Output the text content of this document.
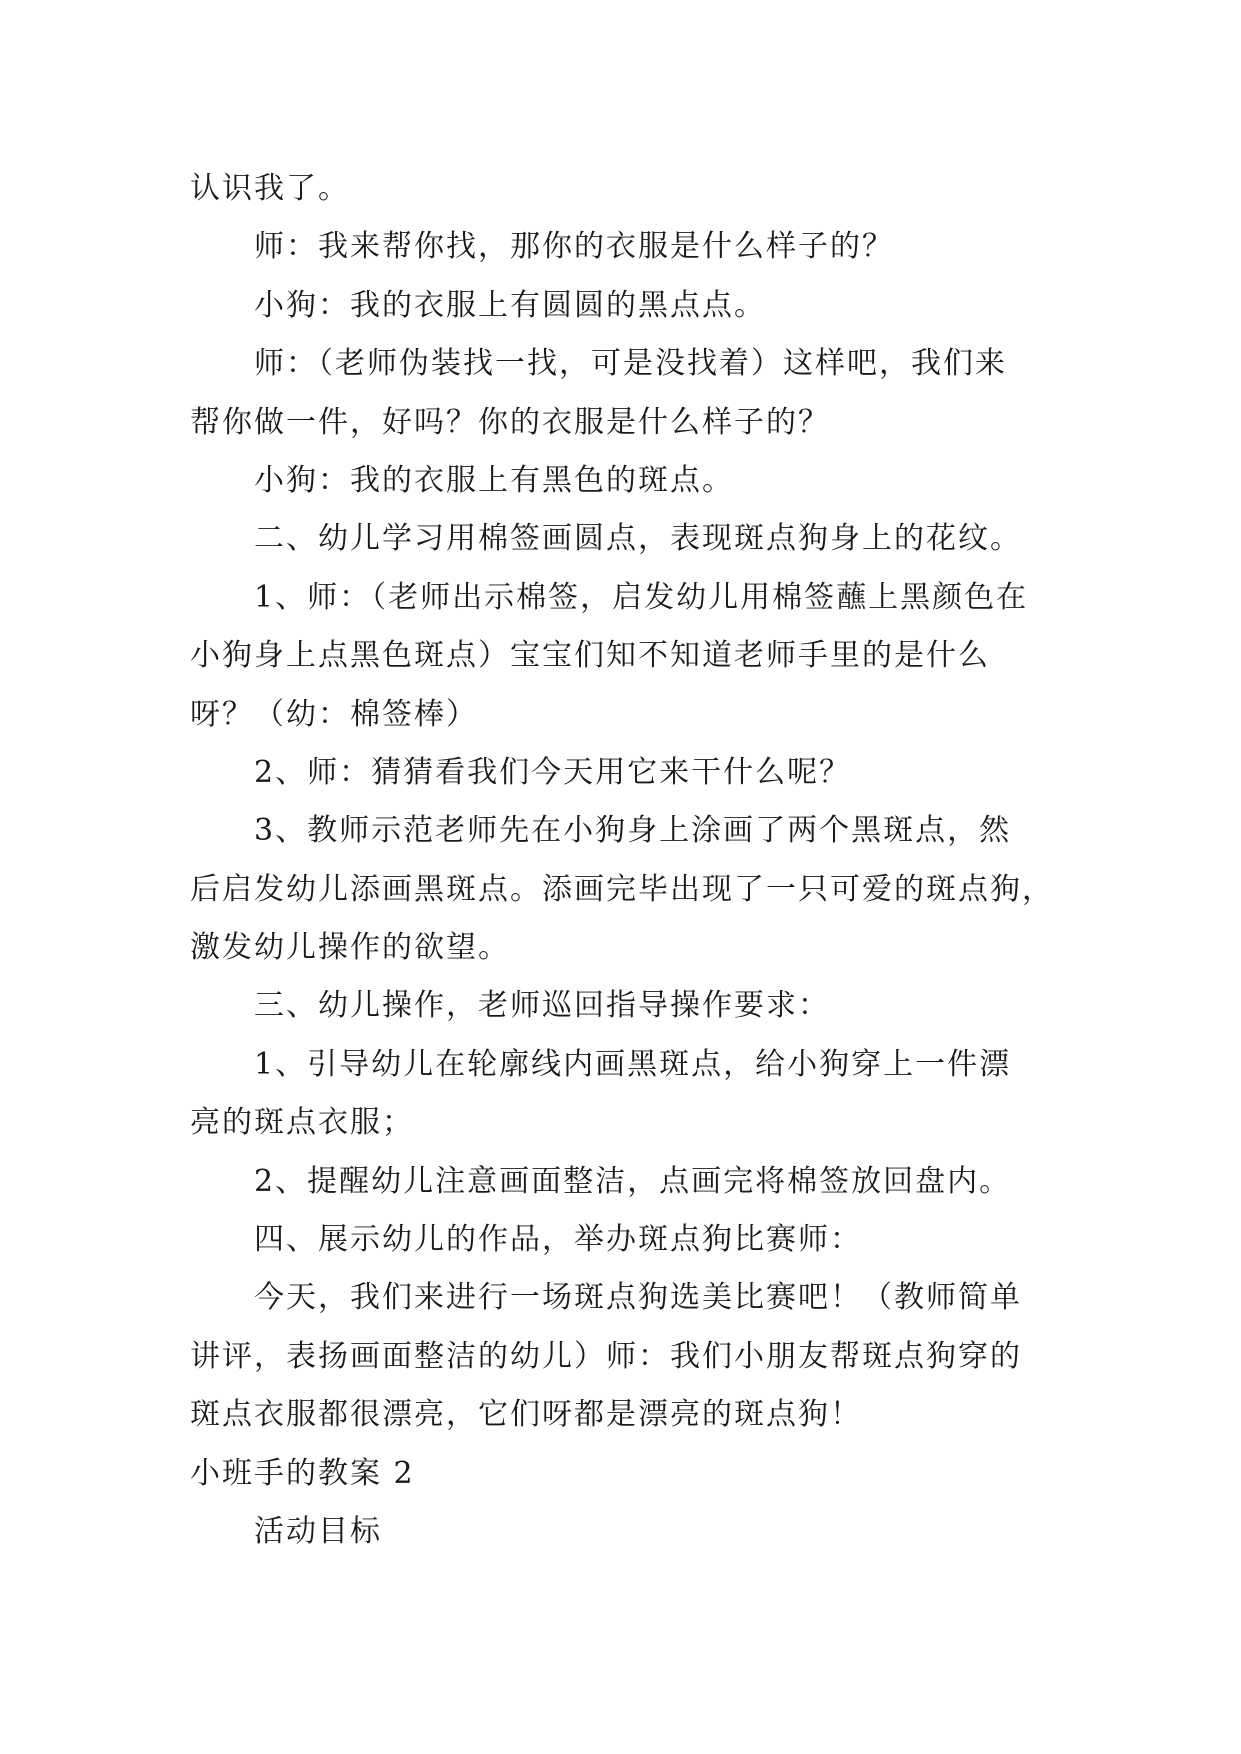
认识我了。
师：我来帮你找，那你的衣服是什么样子的？
小狗：我的衣服上有圆圆的黑点点。
师：（老师伪装找一找，可是没找着）这样吧，我们来
帮你做一件，好吗？你的衣服是什么样子的？
小狗：我的衣服上有黑色的斑点。
二、幼儿学习用棉签画圆点，表现斑点狗身上的花纹。
1、师：（老师出示棉签，启发幼儿用棉签蘸上黑颜色在
小狗身上点黑色斑点）宝宝们知不知道老师手里的是什么
呀？（幼：棉签棒）
2、师：猜猜看我们今天用它来干什么呢？
3、教师示范老师先在小狗身上涂画了两个黑斑点，然
后启发幼儿添画黑斑点。添画完毕出现了一只可爱的斑点狗，
激发幼儿操作的欲望。
三、幼儿操作，老师巡回指导操作要求：
1、引导幼儿在轮廓线内画黑斑点，给小狗穿上一件漂
亮的斑点衣服；
2、提醒幼儿注意画面整洁，点画完将棉签放回盘内。
四、展示幼儿的作品，举办斑点狗比赛师：
今天，我们来进行一场斑点狗选美比赛吧！（教师简单
讲评，表扬画面整洁的幼儿）师：我们小朋友帮斑点狗穿的
斑点衣服都很漂亮，它们呀都是漂亮的斑点狗！
小班手的教案 2
活动目标
